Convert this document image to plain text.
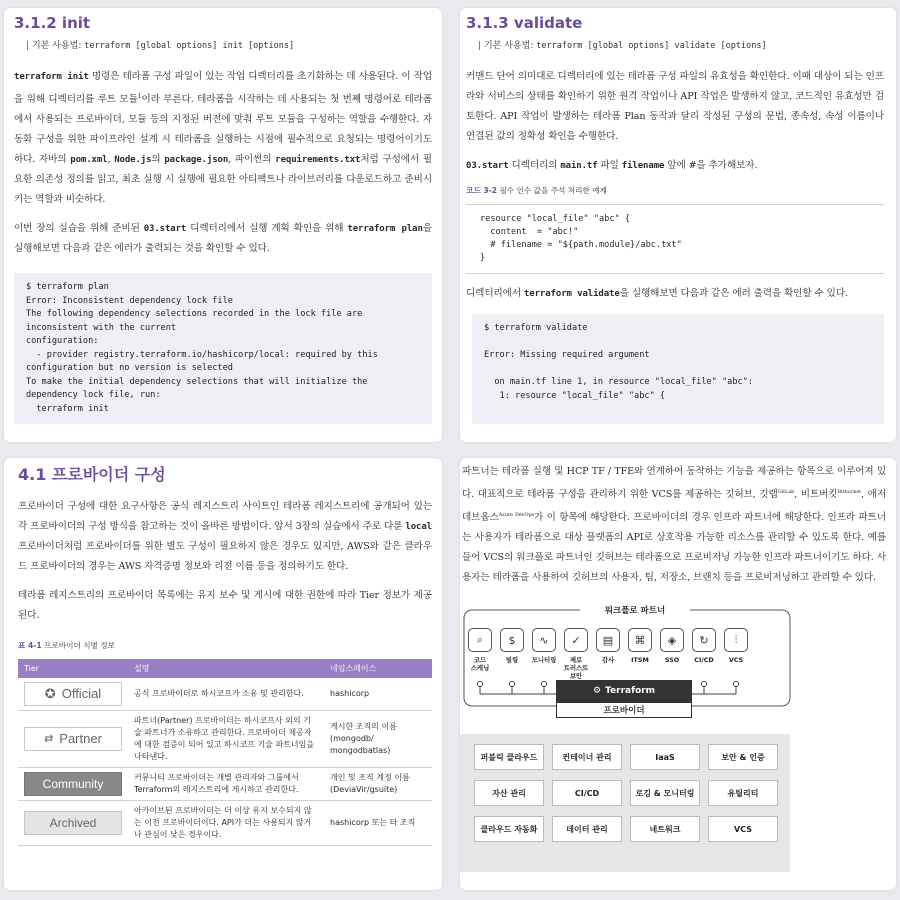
3.1.2 init
| 기본 사용법: terraform [global options] init [options]

terraform init 명령은 테라폼 구성 파일이 있는 작업 디렉터리를 초기화하는 데 사용된다. 이 작업을 위해 디렉터리를 루트 모듈$^1$이라 부른다. 테라폼을 시작하는 데 사용되는 첫 번째 명령어로 테라폼에서 사용되는 프로바이더, 모듈 등의 지정된 버전에 맞춰 루트 모듈을 구성하는 역할을 수행한다. 자동화 구성을 위한 파이프라인 설계 시 테라폼을 실행하는 시점에 필수적으로 요청되는 명령어이기도 하다. 자바의 pom.xml, Node.js의 package.json, 파이썬의 requirements.txt처럼 구성에서 필요한 의존성 정의를 읽고, 최초 실행 시 실행에 필요한 아티팩트나 라이브러리를 다운로드하고 준비시키는 역할과 비슷하다.

이번 장의 실습을 위해 준비된 03.start 디렉터리에서 실행 계획 확인을 위해 terraform plan을 실행해보면 다음과 같은 에러가 출력되는 것을 확인할 수 있다.

$ terraform plan
Error: Inconsistent dependency lock file
The following dependency selections recorded in the lock file are inconsistent with the current
configuration:
- provider registry.terraform.io/hashicorp/local: required by this configuration but no version is selected
To make the initial dependency selections that will initialize the dependency lock file, run:
terraform init
3.1.3 validate
| 기본 사용법: terraform [global options] validate [options]

커맨드 단어 의미대로 디렉터리에 있는 테라폼 구성 파일의 유효성을 확인한다. 이때 대상이 되는 인프라와 서비스의 상태를 확인하기 위한 원격 작업이나 API 작업은 발생하지 않고, 코드적인 유효성만 검토한다. API 작업이 발생하는 테라폼 Plan 동작과 달리 작성된 구성의 문법, 종속성, 속성 이름이나 연결된 값의 정확성 확인을 수행한다.

03.start 디렉터리의 main.tf 파일 filename 앞에 #을 추가해보자.

코드 3-2 필수 인수 값을 주석 처리한 예제
resource "local_file" "abc" {
content  = "abc!"
# filename = "${path.module}/abc.txt"
}

디렉터리에서 terraform validate을 실행해보면 다음과 같은 에러 출력을 확인할 수 있다.

$ terraform validate

Error: Missing required argument

on main.tf line 1, in resource "local_file" "abc":
1: resource "local_file" "abc" {
4.1 프로바이더 구성

프로바이더 구성에 대한 요구사항은 공식 레지스트리 사이트인 테라폼 레지스트리에 공개되어 있는 각 프로바이더의 구성 방식을 참고하는 것이 올바른 방법이다. 앞서 3장의 실습에서 주로 다룬 local 프로바이더처럼 프로바이더를 위한 별도 구성이 필요하지 않은 경우도 있지만, AWS와 같은 클라우드 프로바이더의 경우는 AWS 자격증명 정보와 리전 이름 등을 정의하기도 한다.

테라폼 레지스트리의 프로바이더 목록에는 유지 보수 및 게시에 대한 권한에 따라 Tier 정보가 제공된다.

표 4-1 프로바이더 식별 정보
Tier	설명	네임스페이스

✪ Official	공식 프로바이더로 하시코프가 소유 및 관리한다.	hashicorp

⇄ Partner	파트너(Partner) 프로바이더는 하시코프사 외의 기술 파트너가 소유하고 관리한다. 프로바이더 제공자에 대한 검증이 되어 있고 하시코프 기술 파트너임을 나타낸다.	게시한 조직의 이름 (mongodb/ mongodbatlas)

Community	커뮤니티 프로바이더는 개별 관리자와 그룹에서 Terraform의 레지스트리에 게시하고 관리한다.	개인 및 조직 계정 이름 (DeviaVir/gsuite)

Archived	아카이브된 프로바이더는 더 이상 유지 보수되지 않는 이전 프로바이더이다. API가 더는 사용되지 않거나 관심이 낮은 경우이다.	hashicorp 또는 타 조직

파트너는 테라폼 실행 및 HCP TF / TFE와 연계하여 동작하는 기능을 제공하는 항목으로 이루어져 있다. 대표적으로 테라폼 구성을 관리하기 위한 VCS를 제공하는 깃허브, 깃랩$^{GitLab}$, 비트버킷$^{Bitbucket}$, 애저 데브옵스$^{Azure DevOps}$가 이 항목에 해당한다. 프로바이더의 경우 인프라 파트너에 해당한다. 인프라 파트너는 사용자가 테라폼으로 대상 플랫폼의 API로 상호작용 가능한 리소스를 관리할 수 있도록 한다. 예를 들어 VCS의 워크플로 파트너인 깃허브는 테라폼으로 프로비저닝 가능한 인프라 파트너이기도 하다. 사용자는 테라폼을 사용하여 깃허브의 사용자, 팀, 저장소, 브랜치 등을 프로비저닝하고 관리할 수 있다.

워크플로 파트너
⌕
코드
스캐닝
$
빌링
∿
모니터링
✓
제로
트러스트
보안
▤
감사
⌘
ITSM
◈
SSO
↻
CI/CD
⫶
VCS
⚙ Terraform
프로바이더
퍼블릭 클라우드	컨테이너 관리	IaaS	보안 & 인증
자산 관리	CI/CD	로깅 & 모니터링	유틸리티
클라우드 자동화	데이터 관리	네트워크	VCS
